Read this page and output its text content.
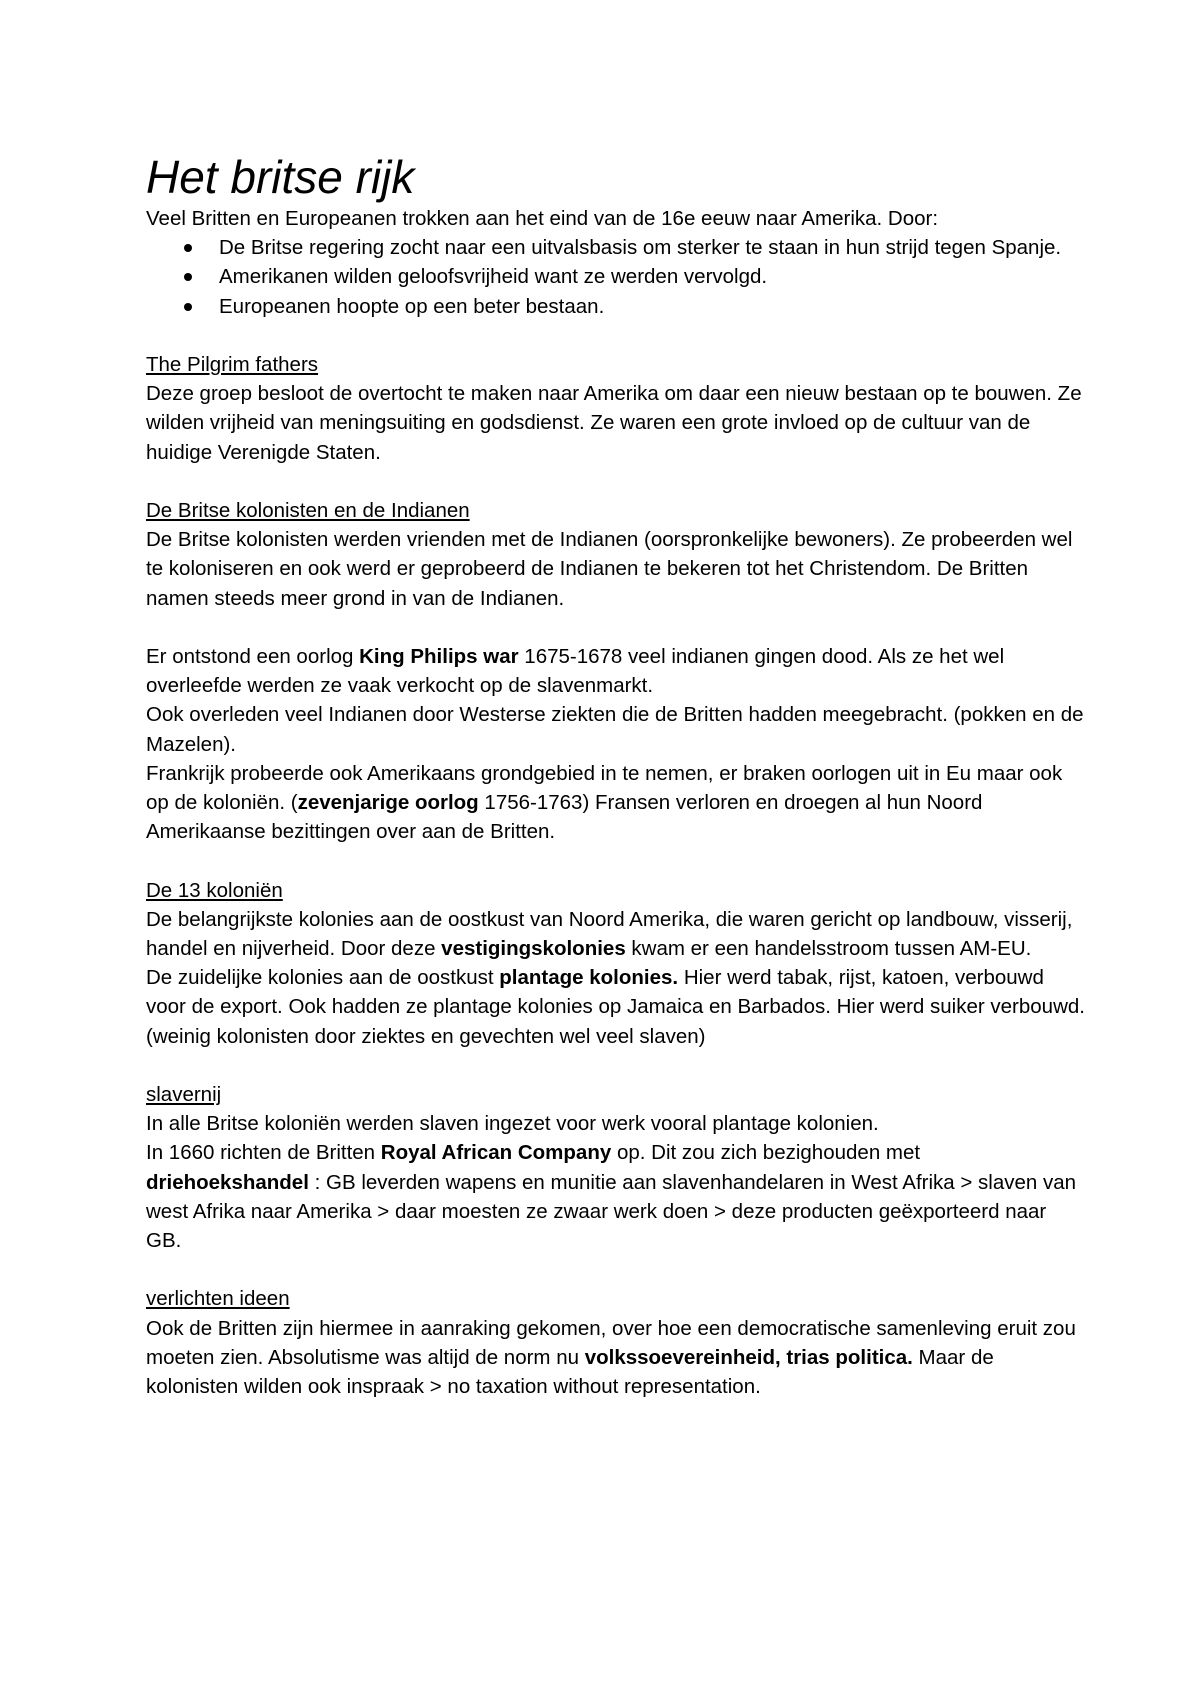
Het britse rijk

Veel Britten en Europeanen trokken aan het eind van de 16e eeuw naar Amerika. Door:

De Britse regering zocht naar een uitvalsbasis om sterker te staan in hun strijd tegen Spanje.
Amerikanen wilden geloofsvrijheid want ze werden vervolgd.
Europeanen hoopte op een beter bestaan.

The Pilgrim fathers

Deze groep besloot de overtocht te maken naar Amerika om daar een nieuw bestaan op te bouwen. Ze wilden vrijheid van meningsuiting en godsdienst. Ze waren een grote invloed op de cultuur van de huidige Verenigde Staten.

De Britse kolonisten en de Indianen

De Britse kolonisten werden vrienden met de Indianen (oorspronkelijke bewoners). Ze probeerden wel te koloniseren en ook werd er geprobeerd de Indianen te bekeren tot het Christendom. De Britten namen steeds meer grond in van de Indianen.

Er ontstond een oorlog King Philips war 1675-1678 veel indianen gingen dood. Als ze het wel overleefde werden ze vaak verkocht op de slavenmarkt.

Ook overleden veel Indianen door Westerse ziekten die de Britten hadden meegebracht. (pokken en de Mazelen).

Frankrijk probeerde ook Amerikaans grondgebied in te nemen, er braken oorlogen uit in Eu maar ook op de koloniën. (zevenjarige oorlog 1756-1763) Fransen verloren en droegen al hun Noord Amerikaanse bezittingen over aan de Britten.

De 13 koloniën

De belangrijkste kolonies aan de oostkust van Noord Amerika, die waren gericht op landbouw, visserij, handel en nijverheid. Door deze vestigingskolonies kwam er een handelsstroom tussen AM-EU.

De zuidelijke kolonies aan de oostkust plantage kolonies. Hier werd tabak, rijst, katoen, verbouwd voor de export. Ook hadden ze plantage kolonies op Jamaica en Barbados. Hier werd suiker verbouwd. (weinig kolonisten door ziektes en gevechten wel veel slaven)

slavernij

In alle Britse koloniën werden slaven ingezet voor werk vooral plantage kolonien.

In 1660 richten de Britten Royal African Company op. Dit zou zich bezighouden met driehoekshandel : GB leverden wapens en munitie aan slavenhandelaren in West Afrika > slaven van west Afrika naar Amerika > daar moesten ze zwaar werk doen > deze producten geëxporteerd naar GB.

verlichten ideen

Ook de Britten zijn hiermee in aanraking gekomen, over hoe een democratische samenleving eruit zou moeten zien. Absolutisme was altijd de norm nu volkssoevereinheid, trias politica. Maar de kolonisten wilden ook inspraak > no taxation without representation.
